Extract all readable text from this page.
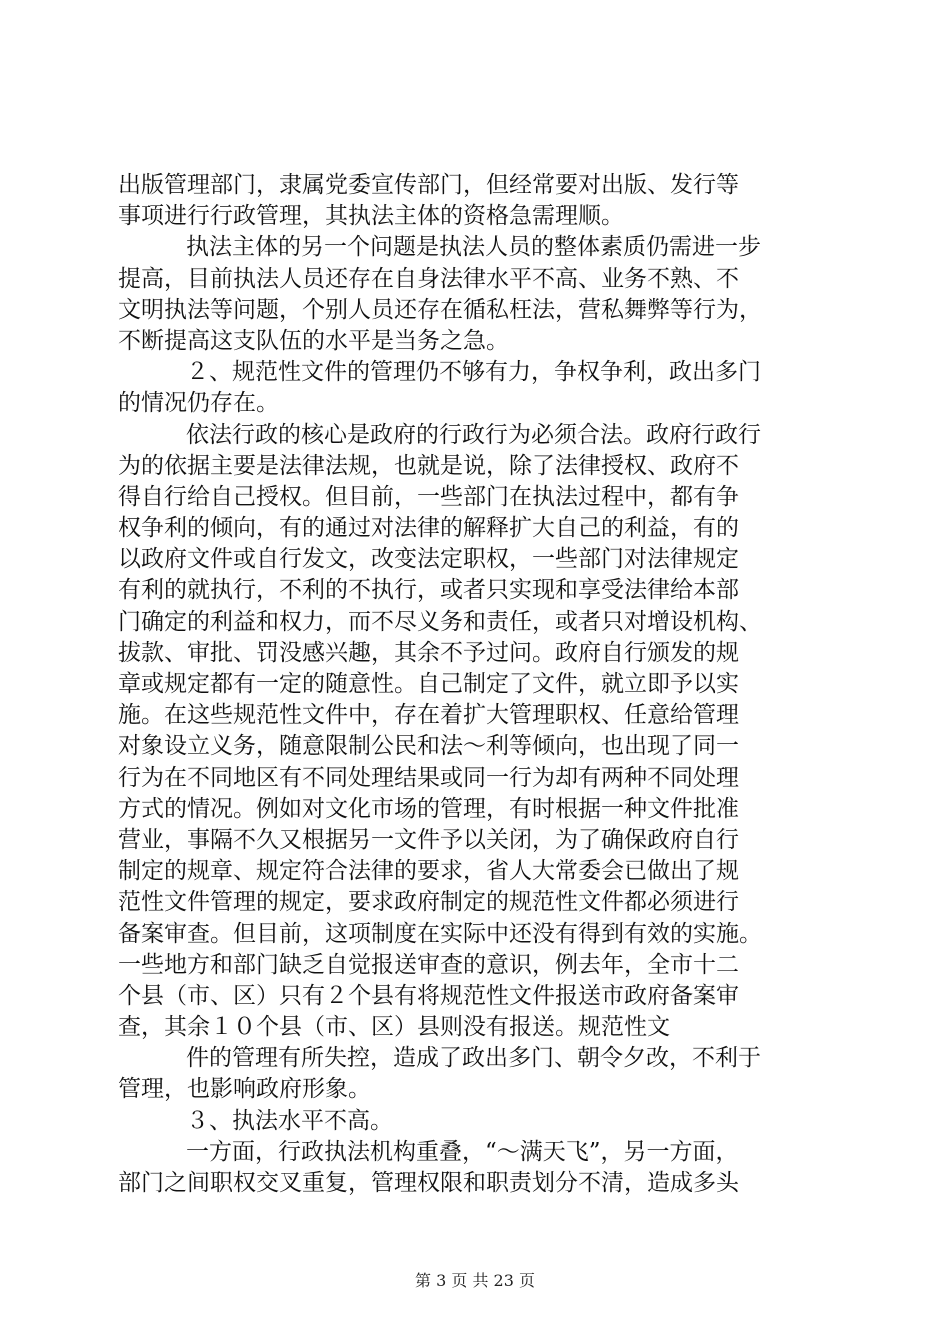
出版管理部门，隶属党委宣传部门，但经常要对出版、发行等
事项进行行政管理，其执法主体的资格急需理顺。
执法主体的另一个问题是执法人员的整体素质仍需进一步
提高，目前执法人员还存在自身法律水平不高、业务不熟、不
文明执法等问题，个别人员还存在循私枉法，营私舞弊等行为，
不断提高这支队伍的水平是当务之急。
２、规范性文件的管理仍不够有力，争权争利，政出多门
的情况仍存在。
依法行政的核心是政府的行政行为必须合法。政府行政行
为的依据主要是法律法规，也就是说，除了法律授权、政府不
得自行给自己授权。但目前，一些部门在执法过程中，都有争
权争利的倾向，有的通过对法律的解释扩大自己的利益，有的
以政府文件或自行发文，改变法定职权，一些部门对法律规定
有利的就执行，不利的不执行，或者只实现和享受法律给本部
门确定的利益和权力，而不尽义务和责任，或者只对增设机构、
拔款、审批、罚没感兴趣，其余不予过问。政府自行颁发的规
章或规定都有一定的随意性。自己制定了文件，就立即予以实
施。在这些规范性文件中，存在着扩大管理职权、任意给管理
对象设立义务，随意限制公民和法～利等倾向，也出现了同一
行为在不同地区有不同处理结果或同一行为却有两种不同处理
方式的情况。例如对文化市场的管理，有时根据一种文件批准
营业，事隔不久又根据另一文件予以关闭，为了确保政府自行
制定的规章、规定符合法律的要求，省人大常委会已做出了规
范性文件管理的规定，要求政府制定的规范性文件都必须进行
备案审查。但目前，这项制度在实际中还没有得到有效的实施。
一些地方和部门缺乏自觉报送审查的意识，例去年，全市十二
个县（市、区）只有２个县有将规范性文件报送市政府备案审
查，其余１０个县（市、区）县则没有报送。规范性文
件的管理有所失控，造成了政出多门、朝令夕改，不利于
管理，也影响政府形象。
３、执法水平不高。
一方面，行政执法机构重叠，“～满天飞”，另一方面，
部门之间职权交叉重复，管理权限和职责划分不清，造成多头
第 3 页 共 23 页
